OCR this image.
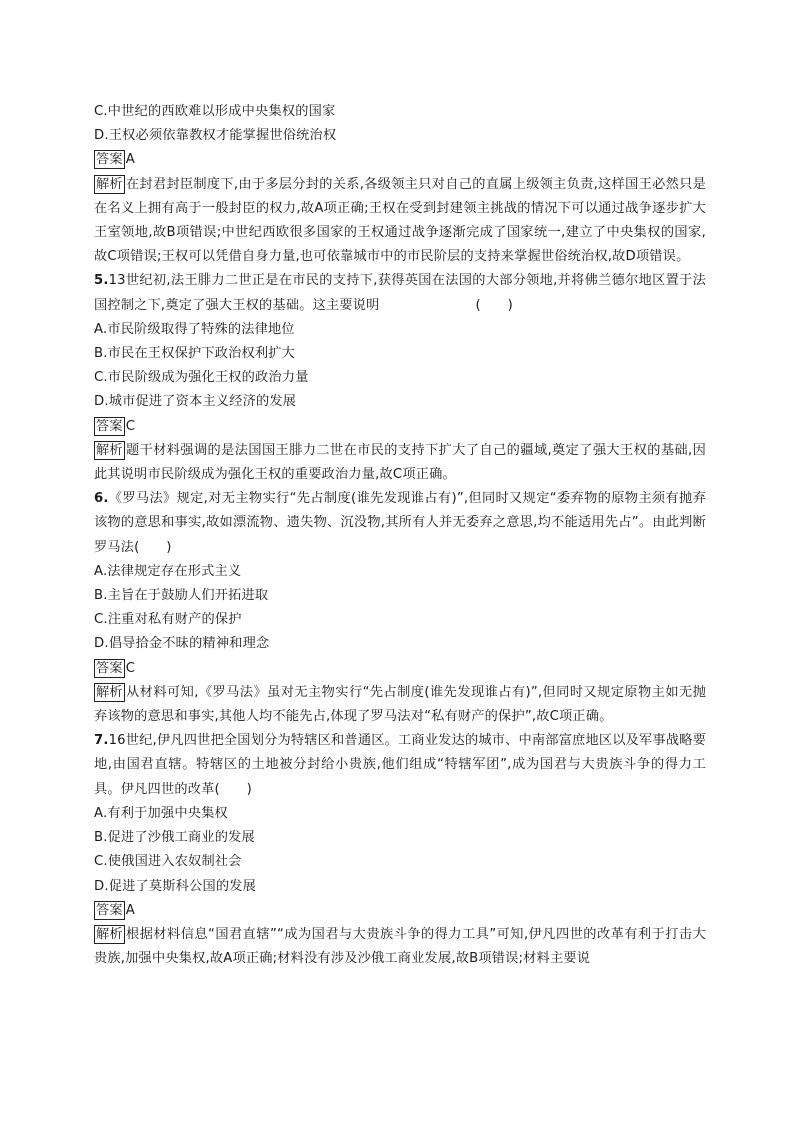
C.中世纪的西欧难以形成中央集权的国家
D.王权必须依靠教权才能掌握世俗统治权
答案 A
解析 在封君封臣制度下,由于多层分封的关系,各级领主只对自己的直属上级领主负责,这样国王必然只是在名义上拥有高于一般封臣的权力,故A项正确;王权在受到封建领主挑战的情况下可以通过战争逐步扩大王室领地,故B项错误;中世纪西欧很多国家的王权通过战争逐渐完成了国家统一,建立了中央集权的国家,故C项错误;王权可以凭借自身力量,也可依靠城市中的市民阶层的支持来掌握世俗统治权,故D项错误。
5.13世纪初,法王腓力二世正是在市民的支持下,获得英国在法国的大部分领地,并将佛兰德尔地区置于法国控制之下,奠定了强大王权的基础。这主要说明	(　　)
A.市民阶级取得了特殊的法律地位
B.市民在王权保护下政治权利扩大
C.市民阶级成为强化王权的政治力量
D.城市促进了资本主义经济的发展
答案 C
解析 题干材料强调的是法国国王腓力二世在市民的支持下扩大了自己的疆域,奠定了强大王权的基础,因此其说明市民阶级成为强化王权的重要政治力量,故C项正确。
6.《罗马法》规定,对无主物实行“先占制度(谁先发现谁占有)”,但同时又规定“委弃物的原物主须有抛弃该物的意思和事实,故如漂流物、遗失物、沉没物,其所有人并无委弃之意思,均不能适用先占”。由此判断罗马法(　　)
A.法律规定存在形式主义
B.主旨在于鼓励人们开拓进取
C.注重对私有财产的保护
D.倡导拾金不昧的精神和理念
答案 C
解析 从材料可知,《罗马法》虽对无主物实行“先占制度(谁先发现谁占有)”,但同时又规定原物主如无抛弃该物的意思和事实,其他人均不能先占,体现了罗马法对“私有财产的保护”,故C项正确。
7.16世纪,伊凡四世把全国划分为特辖区和普通区。工商业发达的城市、中南部富庶地区以及军事战略要地,由国君直辖。特辖区的土地被分封给小贵族,他们组成“特辖军团”,成为国君与大贵族斗争的得力工具。伊凡四世的改革(　　)
A.有利于加强中央集权
B.促进了沙俄工商业的发展
C.使俄国进入农奴制社会
D.促进了莫斯科公国的发展
答案 A
解析 根据材料信息“国君直辖”“成为国君与大贵族斗争的得力工具”可知,伊凡四世的改革有利于打击大贵族,加强中央集权,故A项正确;材料没有涉及沙俄工商业发展,故B项错误;材料主要说
